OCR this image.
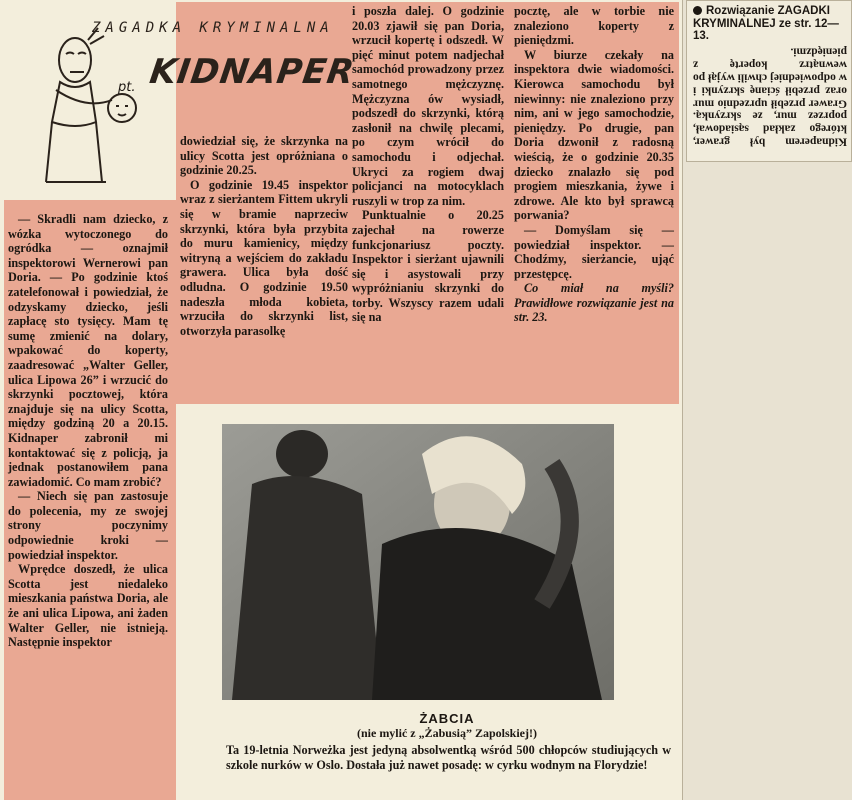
ZAGADKA KRYMINALNA
pt. KIDNAPER

— Skradli nam dziecko, z wózka wytoczonego do ogródka — oznajmił inspektorowi Wernerowi pan Doria. — Po godzinie ktoś zatelefonował i powiedział, że odzyskamy dziecko, jeśli zapłacę sto tysięcy. Mam tę sumę zmienić na dolary, wpakować do koperty, zaadresować „Walter Geller, ulica Lipowa 26” i wrzucić do skrzynki pocztowej, która znajduje się na ulicy Scotta, między godziną 20 a 20.15. Kidnaper zabronił mi kontaktować się z policją, ja jednak postanowiłem pana zawiadomić. Co mam zrobić?

— Niech się pan zastosuje do polecenia, my ze swojej strony poczynimy odpowiednie kroki — powiedział inspektor.

Wprędce doszedł, że ulica Scotta jest niedaleko mieszkania państwa Doria, ale że ani ulica Lipowa, ani żaden Walter Geller, nie istnieją. Następnie inspektor

dowiedział się, że skrzynka na ulicy Scotta jest opróżniana o godzinie 20.25.

O godzinie 19.45 inspektor wraz z sierżantem Fittem ukryli się w bramie naprzeciw skrzynki, która była przybita do muru kamienicy, między witryną a wejściem do zakładu grawera. Ulica była dość odludna. O godzinie 19.50 nadeszła młoda kobieta, wrzuciła do skrzynki list, otworzyła parasolkę

i poszła dalej. O godzinie 20.03 zjawił się pan Doria, wrzucił kopertę i odszedł. W pięć minut potem nadjechał samochód prowadzony przez samotnego mężczyznę. Mężczyzna ów wysiadł, podszedł do skrzynki, którą zasłonił na chwilę plecami, po czym wrócił do samochodu i odjechał. Ukryci za rogiem dwaj policjanci na motocyklach ruszyli w trop za nim.

Punktualnie o 20.25 zajechał na rowerze funkcjonariusz poczty. Inspektor i sierżant ujawnili się i asystowali przy wypróżnianiu skrzynki do torby. Wszyscy razem udali się na

pocztę, ale w torbie nie znaleziono koperty z pieniędzmi.

W biurze czekały na inspektora dwie wiadomości. Kierowca samochodu był niewinny: nie znaleziono przy nim, ani w jego samochodzie, pieniędzy. Po drugie, pan Doria dzwonił z radosną wieścią, że o godzinie 20.35 dziecko znalazło się pod progiem mieszkania, żywe i zdrowe. Ale kto był sprawcą porwania?

— Domyślam się — powiedział inspektor. — Chodźmy, sierżancie, ująć przestępcę.

Co miał na myśli? Prawidłowe rozwiązanie jest na str. 23.

ŻABCIA
(nie mylić z „Żabusią” Zapolskiej!)
Ta 19-letnia Norweżka jest jedyną absolwentką wśród 500 chłopców studiujących w szkole nurków w Oslo. Dostała już nawet posadę: w cyrku wodnym na Florydzie!
Rozwiązanie ZAGADKI KRYMINALNEJ ze str. 12—13.
Kidnaperem był grawer, którego zakład sąsiadował, poprzez mur, ze skrzynką. Grawer przebił uprzednio mur oraz przebił ścianę skrzynki i w odpowiedniej chwili wyjął po wewnątrz kopertę z pieniędzmi.
